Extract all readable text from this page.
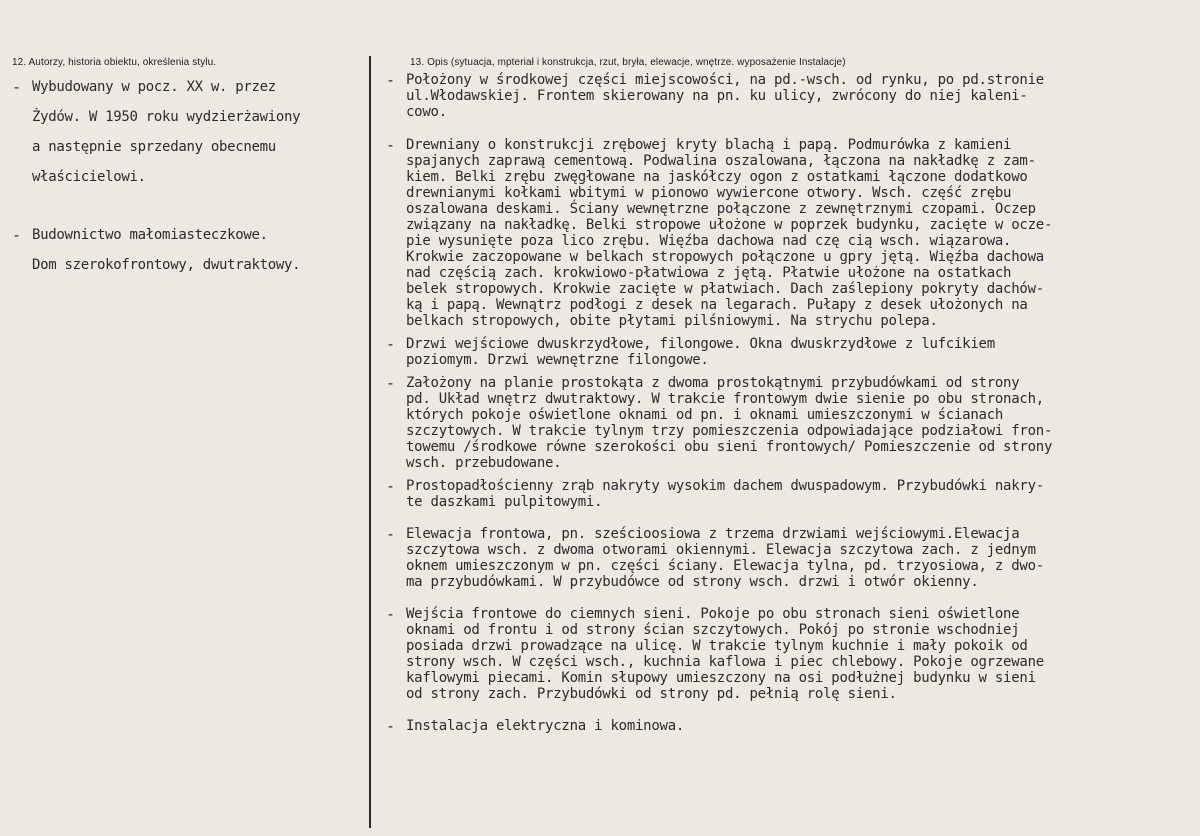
12. Autorzy, historia obiektu, określenia stylu.	13. Opis (sytuacja, mpteriał i konstrukcja, rzut, bryła, elewacje, wnętrze. wyposażenie Instalacje)
- Wybudowany w pocz. XX w. przez
Żydów. W 1950 roku wydzierżawiony
a następnie sprzedany obecnemu
właścicielowi.
- Budownictwo małomiasteczkowe.
Dom szerokofrontowy, dwutraktowy.
- Położony w środkowej części miejscowości, na pd.-wsch. od rynku, po pd.stronie
ul.Włodawskiej. Frontem skierowany na pn. ku ulicy, zwrócony do niej kaleni-
cowo.
- Drewniany o konstrukcji zrębowej kryty blachą i papą. Podmurówka z kamieni
spajanych zaprawą cementową. Podwalina oszalowana, łączona na nakładkę z zam-
kiem. Belki zrębu zwęgłowane na jaskółczy ogon z ostatkami łączone dodatkowo
drewnianymi kołkami wbitymi w pionowo wywiercone otwory. Wsch. część zrębu
oszalowana deskami. Ściany wewnętrzne połączone z zewnętrznymi czopami. Oczep
związany na nakładkę. Belki stropowe ułożone w poprzek budynku, zacięte w ocze-
pie wysunięte poza lico zrębu. Więźba dachowa nad czę cią wsch. wiązarowa.
Krokwie zaczopowane w belkach stropowych połączone u gpry jętą. Więźba dachowa
nad częścią zach. krokwiowo-płatwiowa z jętą. Płatwie ułożone na ostatkach
belek stropowych. Krokwie zacięte w płatwiach. Dach zaślepiony pokryty dachów-
ką i papą. Wewnątrz podłogi z desek na legarach. Pułapy z desek ułożonych na
belkach stropowych, obite płytami pilśniowymi. Na strychu polepa.
- Drzwi wejściowe dwuskrzydłowe, filongowe. Okna dwuskrzydłowe z lufcikiem
poziomym. Drzwi wewnętrzne filongowe.
- Założony na planie prostokąta z dwoma prostokątnymi przybudówkami od strony
pd. Układ wnętrz dwutraktowy. W trakcie frontowym dwie sienie po obu stronach,
których pokoje oświetlone oknami od pn. i oknami umieszczonymi w ścianach
szczytowych. W trakcie tylnym trzy pomieszczenia odpowiadające podziałowi fron-
towemu /środkowe równe szerokości obu sieni frontowych/ Pomieszczenie od strony
wsch. przebudowane.
- Prostopadłościenny zrąb nakryty wysokim dachem dwuspadowym. Przybudówki nakry-
te daszkami pulpitowymi.
- Elewacja frontowa, pn. sześcioosiowa z trzema drzwiami wejściowymi.Elewacja
szczytowa wsch. z dwoma otworami okiennymi. Elewacja szczytowa zach. z jednym
oknem umieszczonym w pn. części ściany. Elewacja tylna, pd. trzyosiowa, z dwo-
ma przybudówkami. W przybudówce od strony wsch. drzwi i otwór okienny.
- Wejścia frontowe do ciemnych sieni. Pokoje po obu stronach sieni oświetlone
oknami od frontu i od strony ścian szczytowych. Pokój po stronie wschodniej
posiada drzwi prowadzące na ulicę. W trakcie tylnym kuchnie i mały pokoik od
strony wsch. W części wsch., kuchnia kaflowa i piec chlebowy. Pokoje ogrzewane
kaflowymi piecami. Komin słupowy umieszczony na osi podłużnej budynku w sieni
od strony zach. Przybudówki od strony pd. pełnią rolę sieni.
- Instalacja elektryczna i kominowa.
